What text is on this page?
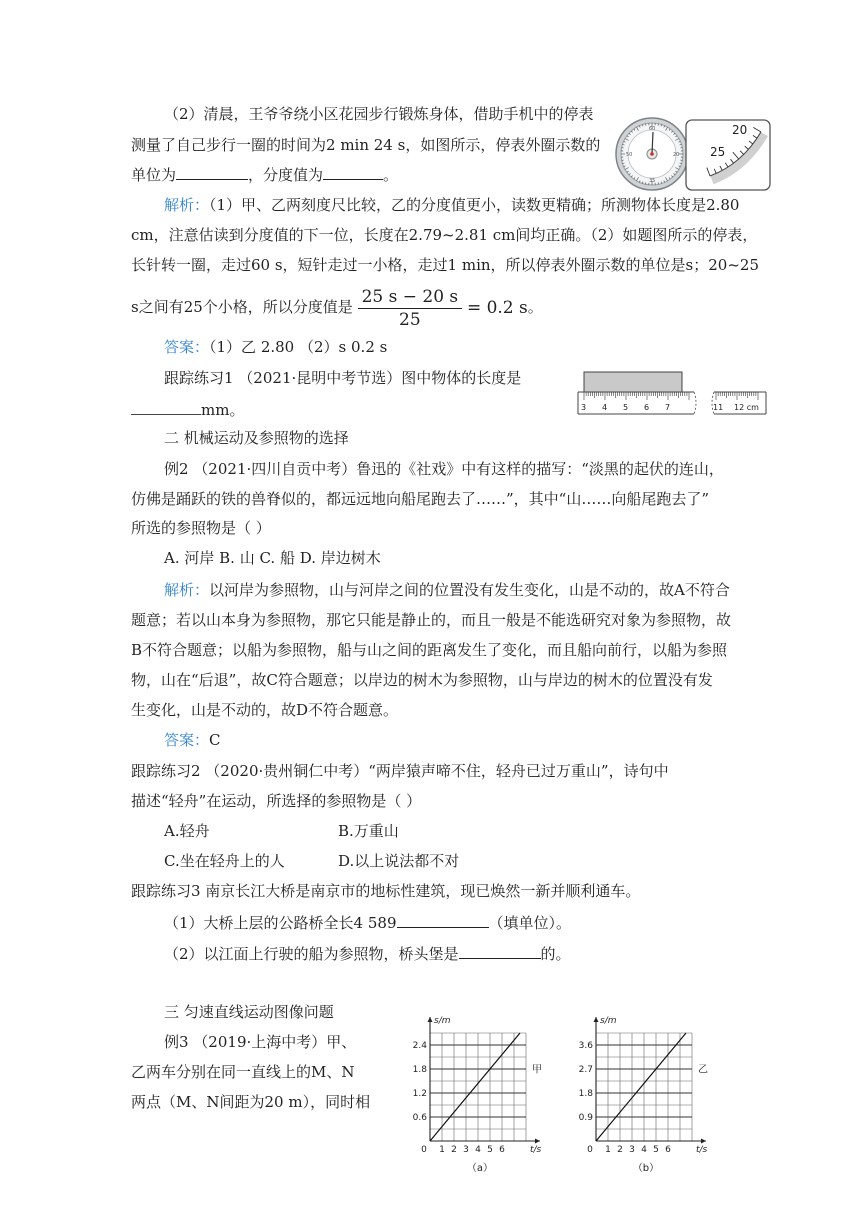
（2）清晨，王爷爷绕小区花园步行锻炼身体，借助手机中的停表
测量了自己步行一圈的时间为2 min 24 s，如图所示，停表外圈示数的
单位为	，分度值为	。
解析：（1）甲、乙两刻度尺比较，乙的分度值更小，读数更精确；所测物体长度是2.80
cm，注意估读到分度值的下一位，长度在2.79~2.81 cm间均正确。（2）如题图所示的停表，
长针转一圈，走过60 s，短针走过一小格，走过1 min，所以停表外圈示数的单位是s；20~25
s之间有25个小格，所以分度值是 $\frac{25 s - 20 s}{25} = 0.2$ s。
答案：（1）乙 2.80 （2）s 0.2 s
跟踪练习1 （2021·昆明中考节选）图中物体的长度是
mm。
二 机械运动及参照物的选择
例2 （2021·四川自贡中考）鲁迅的《社戏》中有这样的描写：“淡黑的起伏的连山，
仿佛是踊跃的铁的兽脊似的，都远远地向船尾跑去了……”，其中“山……向船尾跑去了”
所选的参照物是（ ）
A. 河岸 B. 山 C. 船 D. 岸边树木
解析：以河岸为参照物，山与河岸之间的位置没有发生变化，山是不动的，故A不符合
题意；若以山本身为参照物，那它只能是静止的，而且一般是不能选研究对象为参照物，故
B不符合题意；以船为参照物，船与山之间的距离发生了变化，而且船向前行，以船为参照
物，山在“后退”，故C符合题意；以岸边的树木为参照物，山与岸边的树木的位置没有发
生变化，山是不动的，故D不符合题意。
答案：C
跟踪练习2 （2020·贵州铜仁中考）“两岸猿声啼不住，轻舟已过万重山”，诗句中
描述“轻舟”在运动，所选择的参照物是（ ）
A.轻舟	B.万重山
C.坐在轻舟上的人	D.以上说法都不对
跟踪练习3 南京长江大桥是南京市的地标性建筑，现已焕然一新并顺利通车。
（1）大桥上层的公路桥全长4 589	（填单位）。
（2）以江面上行驶的船为参照物，桥头堡是	的。
三 匀速直线运动图像问题
例3 （2019·上海中考）甲、
乙两车分别在同一直线上的M、N
两点（M、N间距为20 m），同时相
50	20
35
60	20
25
3 4 5 6 7	11 12 cm
s/m
t/s
2.4
1.8
1.2
0.6
0 1 2 3 4 5 6
甲
（a）
s/m
t/s
3.6
2.7
1.8
0.9
0 1 2 3 4 5 6
乙
（b）
